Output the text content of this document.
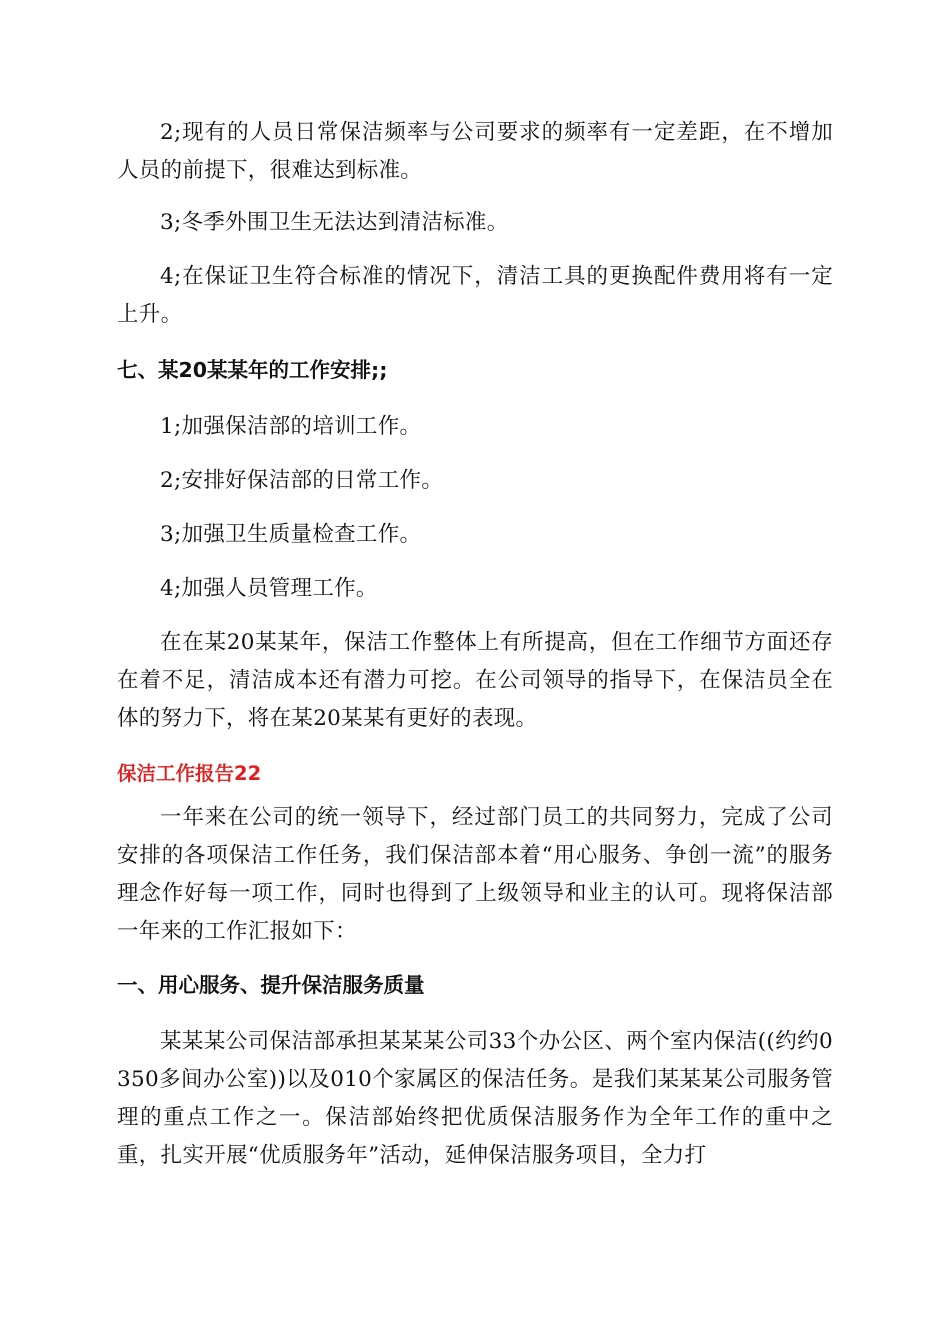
2;现有的人员日常保洁频率与公司要求的频率有一定差距，在不增加人员的前提下，很难达到标准。

3;冬季外围卫生无法达到清洁标准。

4;在保证卫生符合标准的情况下，清洁工具的更换配件费用将有一定上升。

七、某20某某年的工作安排;;

1;加强保洁部的培训工作。

2;安排好保洁部的日常工作。

3;加强卫生质量检查工作。

4;加强人员管理工作。

在在某20某某年，保洁工作整体上有所提高，但在工作细节方面还存在着不足，清洁成本还有潜力可挖。在公司领导的指导下，在保洁员全在体的努力下，将在某20某某有更好的表现。

保洁工作报告22

一年来在公司的统一领导下，经过部门员工的共同努力，完成了公司安排的各项保洁工作任务，我们保洁部本着“用心服务、争创一流”的服务理念作好每一项工作，同时也得到了上级领导和业主的认可。现将保洁部一年来的工作汇报如下：

一、用心服务、提升保洁服务质量

某某某公司保洁部承担某某某公司33个办公区、两个室内保洁((约约0350多间办公室))以及010个家属区的保洁任务。是我们某某某公司服务管理的重点工作之一。保洁部始终把优质保洁服务作为全年工作的重中之重，扎实开展“优质服务年”活动，延伸保洁服务项目，全力打
